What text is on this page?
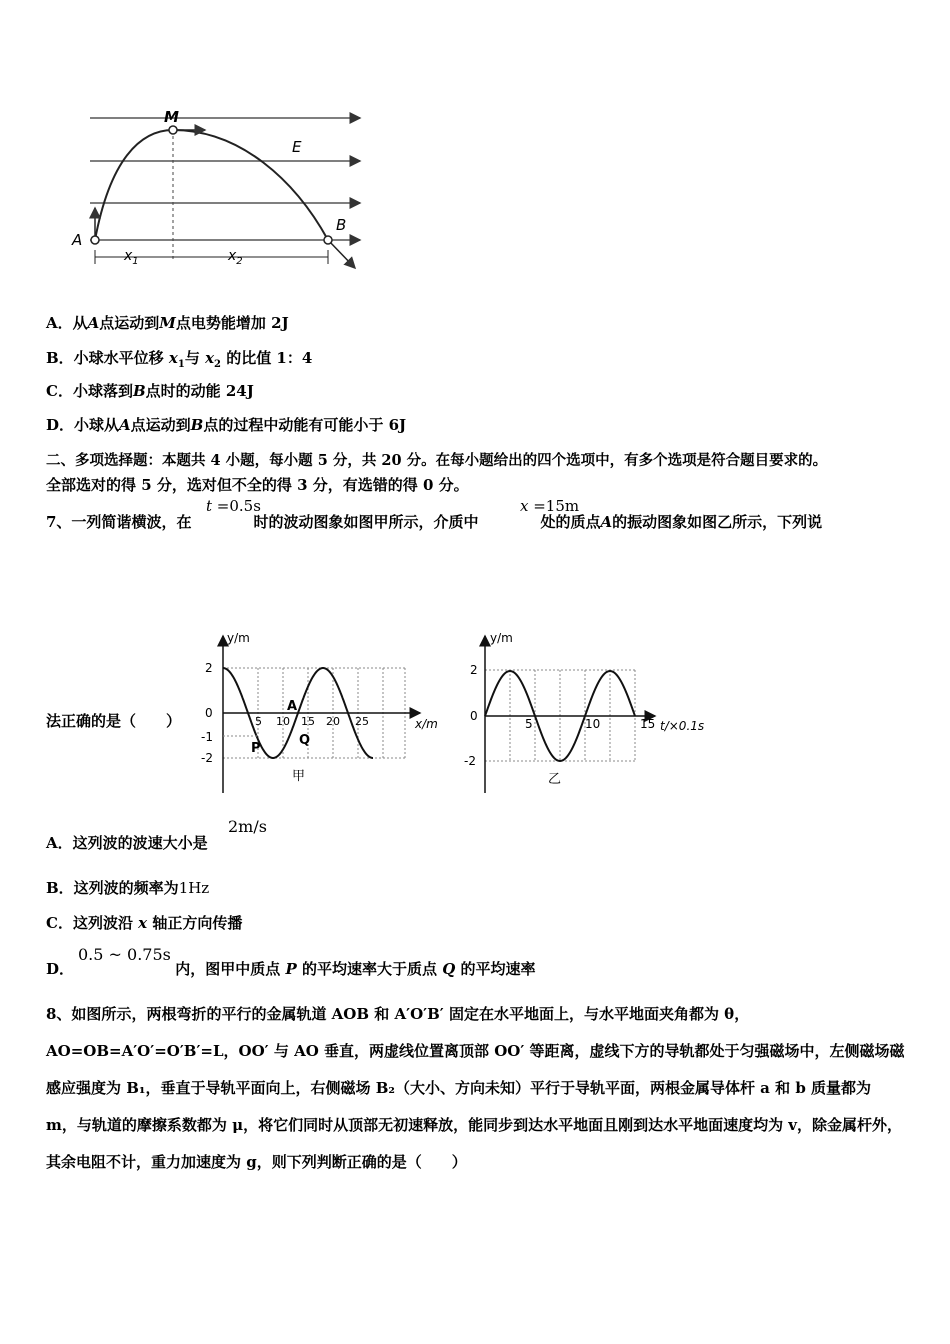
M
E
A
B
$x_1$	$x_2$
A．从A点运动到M点电势能增加 2J
B．小球水平位移 $x_1$与 $x_2$ 的比值 1：4
C．小球落到B点时的动能 24J
D．小球从A点运动到B点的过程中动能有可能小于 6J
二、多项选择题：本题共 4 小题，每小题 5 分，共 20 分。在每小题给出的四个选项中，有多个选项是符合题目要求的。
全部选对的得 5 分，选对但不全的得 3 分，有选错的得 0 分。
7、一列简谐横波，在	时的波动图象如图甲所示，介质中	处的质点A的振动图象如图乙所示，下列说
t =0.5s	x =15m
法正确的是（　　）
y/m
x/m
2
0
-1
-2
5 10 15 20 25
A
P
Q
甲
y/m
t/×0.1s
2
0
-2
5	10	15
乙
A．这列波的波速大小是
2m/s
B．这列波的频率为1Hz
C．这列波沿 x 轴正方向传播
D．	内，图甲中质点 P 的平均速率大于质点 Q 的平均速率
0.5 ~ 0.75s
8、如图所示，两根弯折的平行的金属轨道 AOB 和 A′O′B′ 固定在水平地面上，与水平地面夹角都为 θ，AO=OB=A′O′=O′B′=L，OO′ 与 AO 垂直，两虚线位置离顶部 OO′ 等距离，虚线下方的导轨都处于匀强磁场中，左侧磁场磁感应强度为 B₁，垂直于导轨平面向上，右侧磁场 B₂（大小、方向未知）平行于导轨平面，两根金属导体杆 a 和 b 质量都为 m，与轨道的摩擦系数都为 μ，将它们同时从顶部无初速释放，能同步到达水平地面且刚到达水平地面速度均为 v，除金属杆外，其余电阻不计，重力加速度为 g，则下列判断正确的是（　　）
